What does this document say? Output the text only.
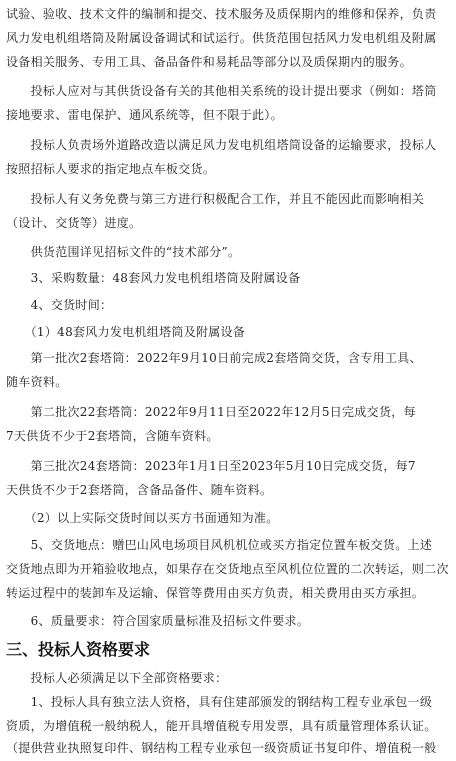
试验、验收、技术文件的编制和提交、技术服务及质保期内的维修和保养，负责
风力发电机组塔筒及附属设备调试和试运行。供货范围包括风力发电机组及附属
设备相关服务、专用工具、备品备件和易耗品等部分以及质保期内的服务。
　　投标人应对与其供货设备有关的其他相关系统的设计提出要求（例如：塔筒
接地要求、雷电保护、通风系统等，但不限于此）。
　　投标人负责场外道路改造以满足风力发电机组塔筒设备的运输要求，投标人
按照招标人要求的指定地点车板交货。
　　投标人有义务免费与第三方进行积极配合工作，并且不能因此而影响相关
（设计、交货等）进度。
　　供货范围详见招标文件的“技术部分”。
　　3、采购数量：48套风力发电机组塔筒及附属设备
　　4、交货时间：
　　（1）48套风力发电机组塔筒及附属设备
　　第一批次2套塔筒：2022年9月10日前完成2套塔筒交货，含专用工具、
随车资料。
　　第二批次22套塔筒：2022年9月11日至2022年12月5日完成交货，每
7天供货不少于2套塔筒，含随车资料。
　　第三批次24套塔筒：2023年1月1日至2023年5月10日完成交货，每7
天供货不少于2套塔筒，含备品备件、随车资料。
　　（2）以上实际交货时间以买方书面通知为准。
　　5、交货地点：赠巴山风电场项目风机机位或买方指定位置车板交货。上述
交货地点即为开箱验收地点，如果存在交货地点至风机位位置的二次转运，则二次
转运过程中的装卸车及运输、保管等费用由买方负责，相关费用由买方承担。
　　6、质量要求：符合国家质量标准及招标文件要求。
三、投标人资格要求
　　投标人必须满足以下全部资格要求：
　　1、投标人具有独立法人资格，具有住建部颁发的钢结构工程专业承包一级
资质，为增值税一般纳税人，能开具增值税专用发票，具有质量管理体系认证。
（提供营业执照复印件、钢结构工程专业承包一级资质证书复印件、增值税一般
